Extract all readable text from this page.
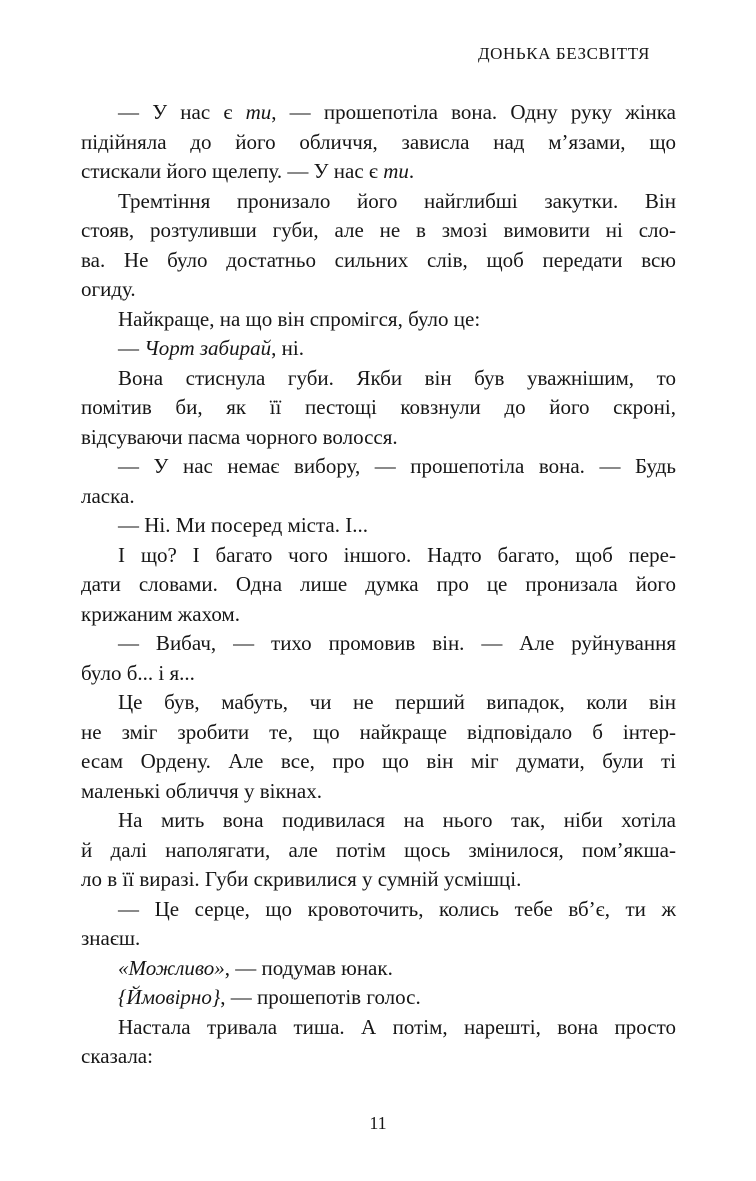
ДОНЬКА БЕЗСВІТТЯ
— У нас є ти, — прошепотіла вона. Одну руку жінка
підійняла до його обличчя, зависла над м’язами, що
стискали його щелепу. — У нас є ти.
Тремтіння пронизало його найглибші закутки. Він
стояв, розтуливши губи, але не в змозі вимовити ні сло-
ва. Не було достатньо сильних слів, щоб передати всю
огиду.
Найкраще, на що він спромігся, було це:
— Чорт забирай, ні.
Вона стиснула губи. Якби він був уважнішим, то
помітив би, як її пестощі ковзнули до його скроні,
відсуваючи пасма чорного волосся.
— У нас немає вибору, — прошепотіла вона. — Будь
ласка.
— Ні. Ми посеред міста. І...
І що? І багато чого іншого. Надто багато, щоб пере-
дати словами. Одна лише думка про це пронизала його
крижаним жахом.
— Вибач, — тихо промовив він. — Але руйнування
було б... і я...
Це був, мабуть, чи не перший випадок, коли він
не зміг зробити те, що найкраще відповідало б інтер-
есам Ордену. Але все, про що він міг думати, були ті
маленькі обличчя у вікнах.
На мить вона подивилася на нього так, ніби хотіла
й далі наполягати, але потім щось змінилося, пом’якша-
ло в її виразі. Губи скривилися у сумній усмішці.
— Це серце, що кровоточить, колись тебе вб’є, ти ж
знаєш.
«Можливо», — подумав юнак.
{Ймовірно}, — прошепотів голос.
Настала тривала тиша. А потім, нарешті, вона просто
сказала:
11
